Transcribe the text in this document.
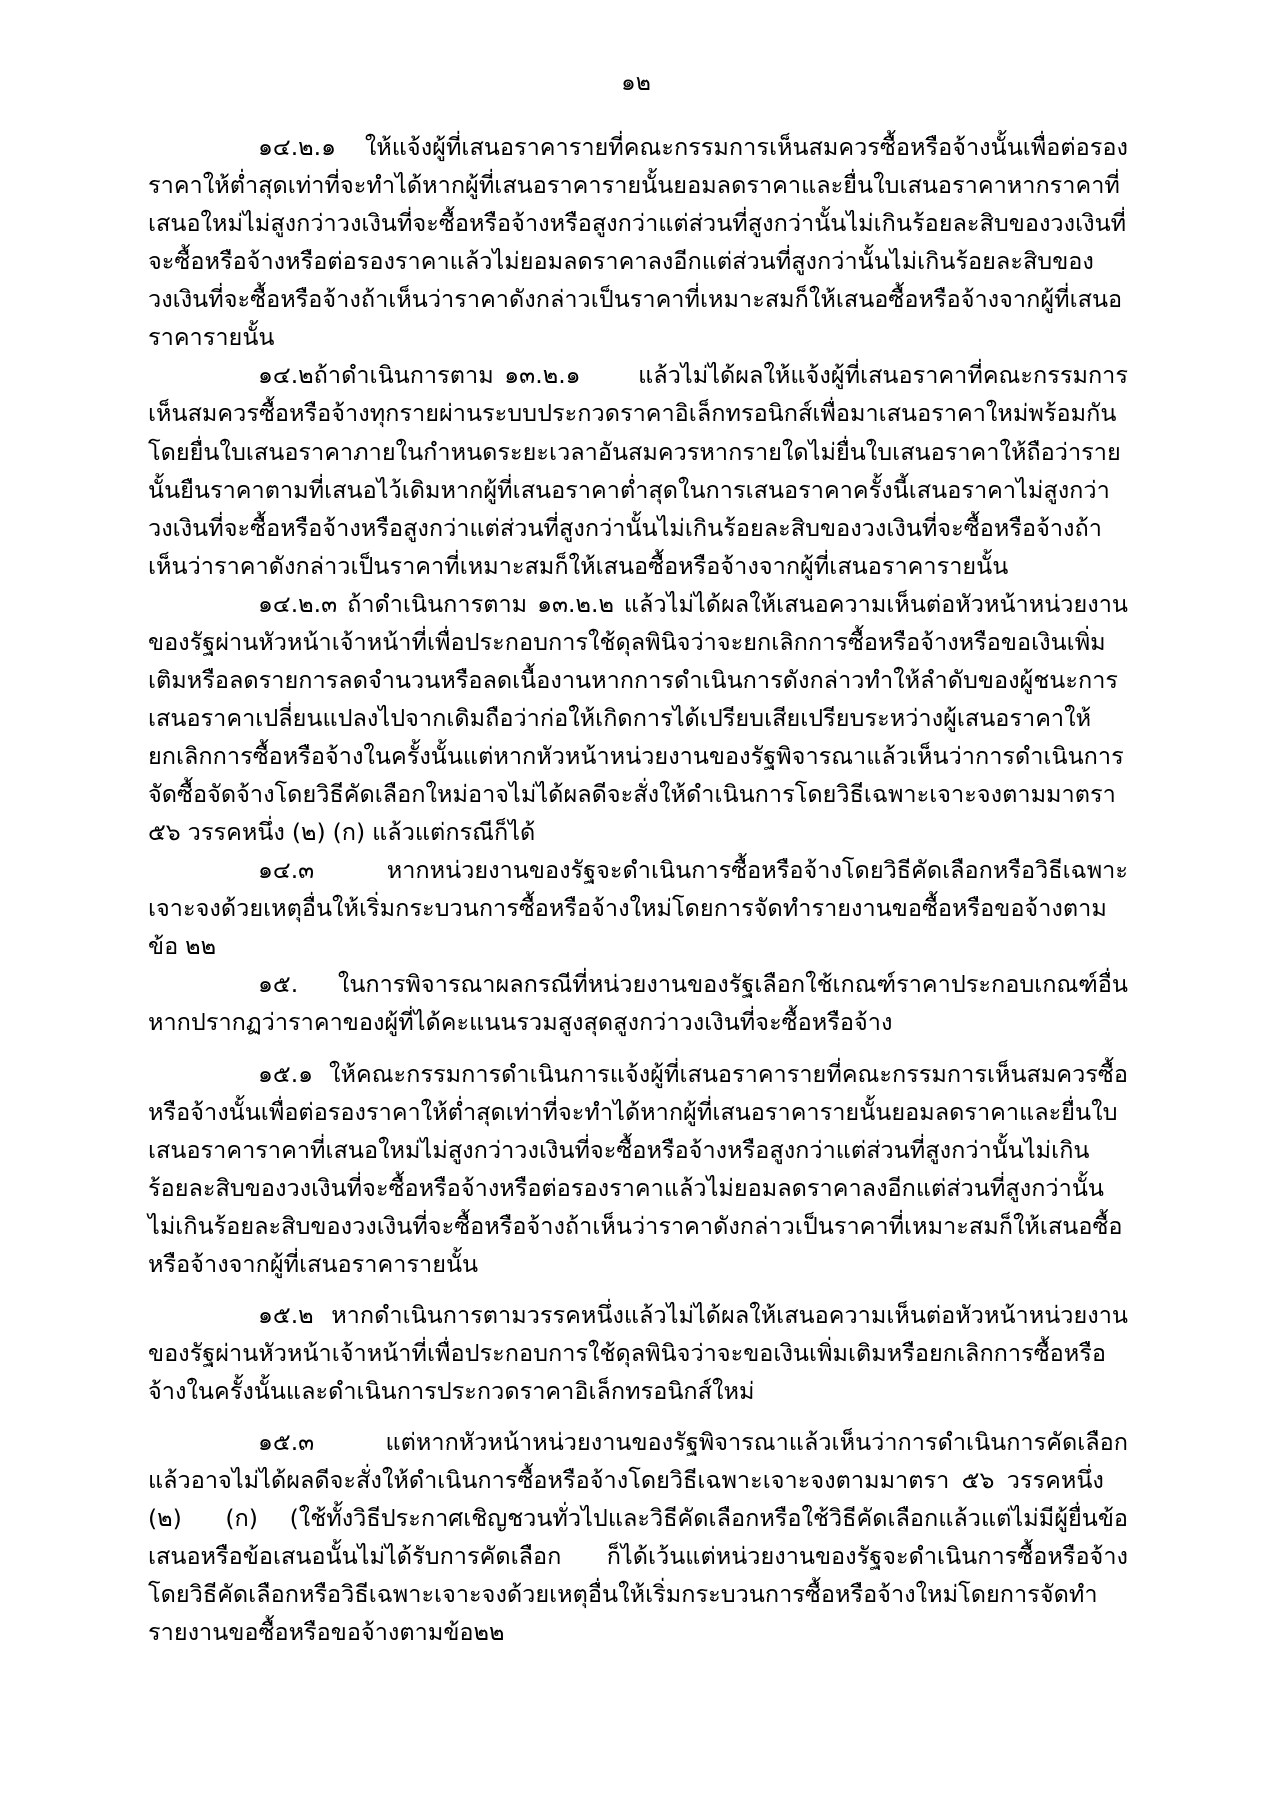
๑๒

๑๔.๒.๑ ให้แจ้งผู้ที่เสนอราคารายที่คณะกรรมการเห็นสมควรซื้อหรือจ้างนั้นเพื่อต่อรองราคาให้ต่ำสุดเท่าที่จะทำได้หากผู้ที่เสนอราคารายนั้นยอมลดราคาและยื่นใบเสนอราคาหากราคาที่เสนอใหม่ไม่สูงกว่าวงเงินที่จะซื้อหรือจ้างหรือสูงกว่าแต่ส่วนที่สูงกว่านั้นไม่เกินร้อยละสิบของวงเงินที่จะซื้อหรือจ้างหรือต่อรองราคาแล้วไม่ยอมลดราคาลงอีกแต่ส่วนที่สูงกว่านั้นไม่เกินร้อยละสิบของวงเงินที่จะซื้อหรือจ้างถ้าเห็นว่าราคาดังกล่าวเป็นราคาที่เหมาะสมก็ให้เสนอซื้อหรือจ้างจากผู้ที่เสนอราคารายนั้น

๑๔.๒ถ้าดำเนินการตาม ๑๓.๒.๑   แล้วไม่ได้ผลให้แจ้งผู้ที่เสนอราคาที่คณะกรรมการเห็นสมควรซื้อหรือจ้างทุกรายผ่านระบบประกวดราคาอิเล็กทรอนิกส์เพื่อมาเสนอราคาใหม่พร้อมกันโดยยื่นใบเสนอราคาภายในกำหนดระยะเวลาอันสมควรหากรายใดไม่ยื่นใบเสนอราคาให้ถือว่ารายนั้นยืนราคาตามที่เสนอไว้เดิมหากผู้ที่เสนอราคาต่ำสุดในการเสนอราคาครั้งนี้เสนอราคาไม่สูงกว่าวงเงินที่จะซื้อหรือจ้างหรือสูงกว่าแต่ส่วนที่สูงกว่านั้นไม่เกินร้อยละสิบของวงเงินที่จะซื้อหรือจ้างถ้าเห็นว่าราคาดังกล่าวเป็นราคาที่เหมาะสมก็ให้เสนอซื้อหรือจ้างจากผู้ที่เสนอราคารายนั้น

๑๔.๒.๓ ถ้าดำเนินการตาม ๑๓.๒.๒ แล้วไม่ได้ผลให้เสนอความเห็นต่อหัวหน้าหน่วยงานของรัฐผ่านหัวหน้าเจ้าหน้าที่เพื่อประกอบการใช้ดุลพินิจว่าจะยกเลิกการซื้อหรือจ้างหรือขอเงินเพิ่มเติมหรือลดรายการลดจำนวนหรือลดเนื้องานหากการดำเนินการดังกล่าวทำให้ลำดับของผู้ชนะการเสนอราคาเปลี่ยนแปลงไปจากเดิมถือว่าก่อให้เกิดการได้เปรียบเสียเปรียบระหว่างผู้เสนอราคาให้ยกเลิกการซื้อหรือจ้างในครั้งนั้นแต่หากหัวหน้าหน่วยงานของรัฐพิจารณาแล้วเห็นว่าการดำเนินการจัดซื้อจัดจ้างโดยวิธีคัดเลือกใหม่อาจไม่ได้ผลดีจะสั่งให้ดำเนินการโดยวิธีเฉพาะเจาะจงตามมาตรา ๕๖ วรรคหนึ่ง (๒) (ก) แล้วแต่กรณีก็ได้

๑๔.๓ หากหน่วยงานของรัฐจะดำเนินการซื้อหรือจ้างโดยวิธีคัดเลือกหรือวิธีเฉพาะเจาะจงด้วยเหตุอื่นให้เริ่มกระบวนการซื้อหรือจ้างใหม่โดยการจัดทำรายงานขอซื้อหรือขอจ้างตามข้อ ๒๒

๑๕. ในการพิจารณาผลกรณีที่หน่วยงานของรัฐเลือกใช้เกณฑ์ราคาประกอบเกณฑ์อื่นหากปรากฏว่าราคาของผู้ที่ได้คะแนนรวมสูงสุดสูงกว่าวงเงินที่จะซื้อหรือจ้าง

๑๕.๑ ให้คณะกรรมการดำเนินการแจ้งผู้ที่เสนอราคารายที่คณะกรรมการเห็นสมควรซื้อหรือจ้างนั้นเพื่อต่อรองราคาให้ต่ำสุดเท่าที่จะทำได้หากผู้ที่เสนอราคารายนั้นยอมลดราคาและยื่นใบเสนอราคาราคาที่เสนอใหม่ไม่สูงกว่าวงเงินที่จะซื้อหรือจ้างหรือสูงกว่าแต่ส่วนที่สูงกว่านั้นไม่เกินร้อยละสิบของวงเงินที่จะซื้อหรือจ้างหรือต่อรองราคาแล้วไม่ยอมลดราคาลงอีกแต่ส่วนที่สูงกว่านั้นไม่เกินร้อยละสิบของวงเงินที่จะซื้อหรือจ้างถ้าเห็นว่าราคาดังกล่าวเป็นราคาที่เหมาะสมก็ให้เสนอซื้อหรือจ้างจากผู้ที่เสนอราคารายนั้น

๑๕.๒ หากดำเนินการตามวรรคหนึ่งแล้วไม่ได้ผลให้เสนอความเห็นต่อหัวหน้าหน่วยงานของรัฐผ่านหัวหน้าเจ้าหน้าที่เพื่อประกอบการใช้ดุลพินิจว่าจะขอเงินเพิ่มเติมหรือยกเลิกการซื้อหรือจ้างในครั้งนั้นและดำเนินการประกวดราคาอิเล็กทรอนิกส์ใหม่

๑๕.๓  แต่หากหัวหน้าหน่วยงานของรัฐพิจารณาแล้วเห็นว่าการดำเนินการคัดเลือกแล้วอาจไม่ได้ผลดีจะสั่งให้ดำเนินการซื้อหรือจ้างโดยวิธีเฉพาะเจาะจงตามมาตรา ๕๖ วรรคหนึ่ง  (๒)  (ก) (ใช้ทั้งวิธีประกาศเชิญชวนทั่วไปและวิธีคัดเลือกหรือใช้วิธีคัดเลือกแล้วแต่ไม่มีผู้ยื่นข้อเสนอหรือข้อเสนอนั้นไม่ได้รับการคัดเลือก  ก็ได้เว้นแต่หน่วยงานของรัฐจะดำเนินการซื้อหรือจ้างโดยวิธีคัดเลือกหรือวิธีเฉพาะเจาะจงด้วยเหตุอื่นให้เริ่มกระบวนการซื้อหรือจ้างใหม่โดยการจัดทำรายงานขอซื้อหรือขอจ้างตามข้อ๒๒
